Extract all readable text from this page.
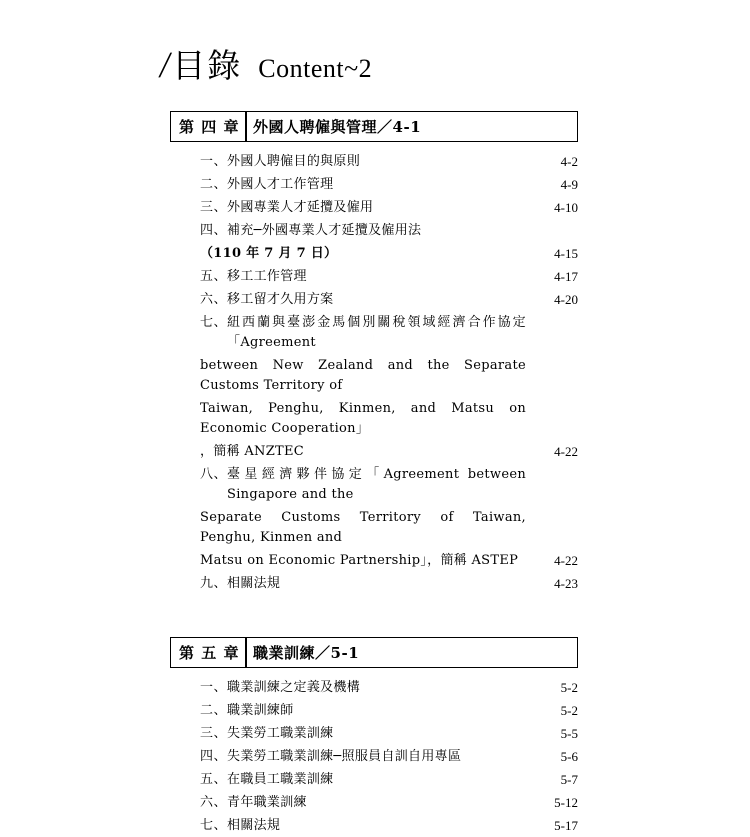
/ 目錄 Content~2
第 四 章 外國人聘僱與管理／4-1
一、 外國人聘僱目的與原則	4-2
二、 外國人才工作管理	4-9
三、 外國專業人才延攬及僱用	4-10
四、 補充─外國專業人才延攬及僱用法
（110 年 7 月 7 日）	4-15
五、 移工工作管理	4-17
六、 移工留才久用方案	4-20
七、 紐西蘭與臺澎金馬個別關稅領域經濟合作協定「Agreement
between New Zealand and the Separate Customs Territory of
Taiwan, Penghu, Kinmen, and Matsu on Economic Cooperation」
，簡稱 ANZTEC	4-22
八、 臺星經濟夥伴協定「Agreement between Singapore and the
Separate Customs Territory of Taiwan, Penghu, Kinmen and
Matsu on Economic Partnership」，簡稱 ASTEP	4-22
九、 相關法規	4-23
第 五 章 職業訓練／5-1
一、 職業訓練之定義及機構	5-2
二、 職業訓練師	5-2
三、 失業勞工職業訓練	5-5
四、 失業勞工職業訓練─照服員自訓自用專區	5-6
五、 在職員工職業訓練	5-7
六、 青年職業訓練	5-12
七、 相關法規	5-17
